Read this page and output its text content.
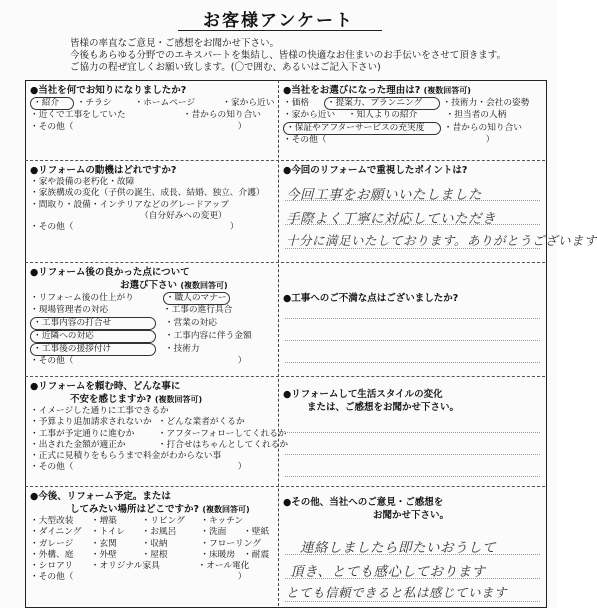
お客様アンケート
皆様の率直なご意見・ご感想をお聞かせ下さい。
今後もあらゆる分野でのエキスパートを集結し、皆様の快適なお住まいのお手伝いをさせて頂きます。
ご協力の程ぜ宜しくお願い致します。(〇で囲む、あるいはご記入下さい)
●当社を何でお知りになりましたか?
・紹介 ・チラシ	・ホームページ	・家から近い
・近くで工事をしていた	・昔からの知り合い
・その他（	）
●当社をお選びになった理由は? (複数回答可)
・価格 ・提案力、プランニング ・技術力・会社の姿勢
・家から近い ・知人よりの紹介	・担当者の人柄
・保証やアフターサービスの充実度 ・昔からの知り合い
・その他（	）
●リフォームの動機はどれですか?
・家や設備の老朽化・故障
・家族構成の変化（子供の誕生、成長、結婚、独立、介護）
・間取り・設備・インテリアなどのグレードアップ
（自分好みへの変更）
・その他（　　　　　　　　　　　　　　　　　　）
●今回のリフォームで重視したポイントは?
今回工事をお願いいたしました
手際よく丁寧に対応していただき
十分に満足いたしております。ありがとうございます
●リフォーム後の良かった点について
お選び下さい (複数回答可)
・リフォーム後の仕上がり	・職人のマナー
・現場管理者の対応	・工事の進行具合
・工事内容の打合せ	・営業の対応
・近隣への対応	・工事内容に伴う金額
・工事後の援拶付け	・技術力
・その他（	）
●工事へのご不満な点はございましたか?
●リフォームを頼む時、どんな事に
不安を感じますか? (複数回答可)
・イメージした通りに工事できるか
・予算より追加請求されないか ・どんな業者がくるか
・工事が予定通りに進むか	・アフターフォローしてくれるか
・出された金額が適正か	・打合せはちゃんとしてくれるか
・正式に見積りをもらうまで料金がわからない事
・その他（	）
●リフォームして生活スタイルの変化
または、ご感想をお聞かせ下さい。
●今後、リフォーム予定。または
してみたい場所はどこですか? (複数回答可)
・大型改装 ・増築	・リビング ・キッチン
・ダイニング ・トイレ ・お風呂	・洗面 ・壁紙
・ガレージ ・玄関	・収納	・フローリング
・外構、庭 ・外壁	・屋根	・床暖房 ・耐震
・シロアリ ・オリジナル家具	・オール電化
・その他（	）
●その他、当社へのご意見・ご感想を
お聞かせ下さい。
連絡しましたら即たいおうして
頂き、とても感心しております
とても信頼できると私は感じています
